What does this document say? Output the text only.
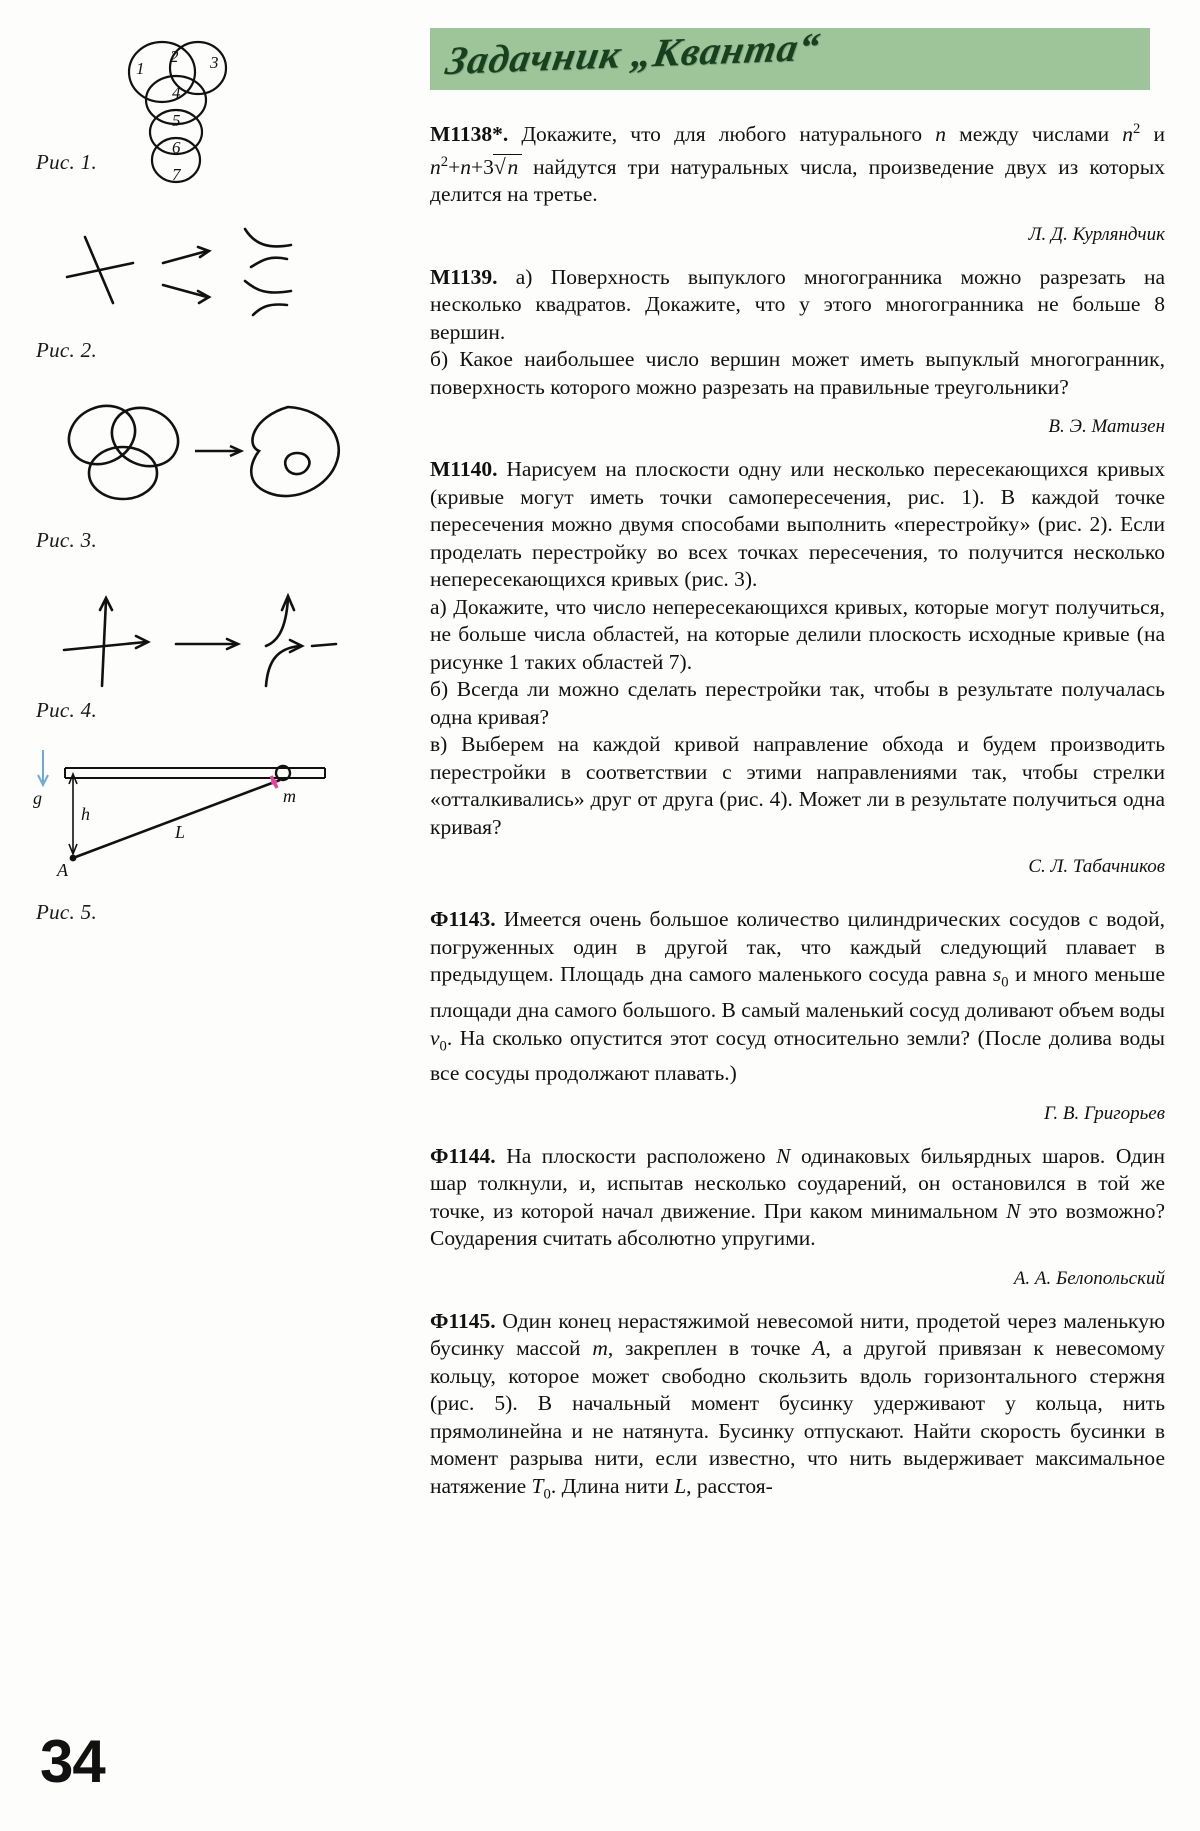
1
2 3
4
5
6
7
Рис. 1.
Рис. 2.
Рис. 3.
Рис. 4.
g
h
L
m
A
Рис. 5.
Задачник „Кванта“

М1138*. Докажите, что для любого натурального n между числами $n^2$ и $n^2+n+3√$ n  найдутся три натуральных числа, произведение двух из которых делится на третье.

Л. Д. Курляндчик

М1139. а) Поверхность выпуклого многогранника можно разрезать на несколько квадратов. Докажите, что у этого многогранника не больше 8 вершин.

б) Какое наибольшее число вершин может иметь выпуклый многогранник, поверхность которого можно разрезать на правильные треугольники?

В. Э. Матизен

М1140. Нарисуем на плоскости одну или несколько пересекающихся кривых (кривые могут иметь точки самопересечения, рис. 1). В каждой точке пересечения можно двумя способами выполнить «перестройку» (рис. 2). Если проделать перестройку во всех точках пересечения, то получится несколько непересекающихся кривых (рис. 3).

а) Докажите, что число непересекающихся кривых, которые могут получиться, не больше числа областей, на которые делили плоскость исходные кривые (на рисунке 1 таких областей 7).

б) Всегда ли можно сделать перестройки так, чтобы в результате получалась одна кривая?

в) Выберем на каждой кривой направление обхода и будем производить перестройки в соответствии с этими направлениями так, чтобы стрелки «отталкивались» друг от друга (рис. 4). Может ли в результате получиться одна кривая?

С. Л. Табачников

Ф1143. Имеется очень большое количество цилиндрических сосудов с водой, погруженных один в другой так, что каждый следующий плавает в предыдущем. Площадь дна самого маленького сосуда равна $s_0$ и много меньше площади дна самого большого. В самый маленький сосуд доливают объем воды $v_0$. На сколько опустится этот сосуд относительно земли? (После долива воды все сосуды продолжают плавать.)

Г. В. Григорьев

Ф1144. На плоскости расположено N одинаковых бильярдных шаров. Один шар толкнули, и, испытав несколько соударений, он остановился в той же точке, из которой начал движение. При каком минимальном N это возможно? Соударения считать абсолютно упругими.

А. А. Белопольский

Ф1145. Один конец нерастяжимой невесомой нити, продетой через маленькую бусинку массой m, закреплен в точке A, а другой привязан к невесомому кольцу, которое может свободно скользить вдоль горизонтального стержня (рис. 5). В начальный момент бусинку удерживают у кольца, нить прямолинейна и не натянута. Бусинку отпускают. Найти скорость бусинки в момент разрыва нити, если известно, что нить выдерживает максимальное натяжение $T_0$. Длина нити L, расстоя-

34
